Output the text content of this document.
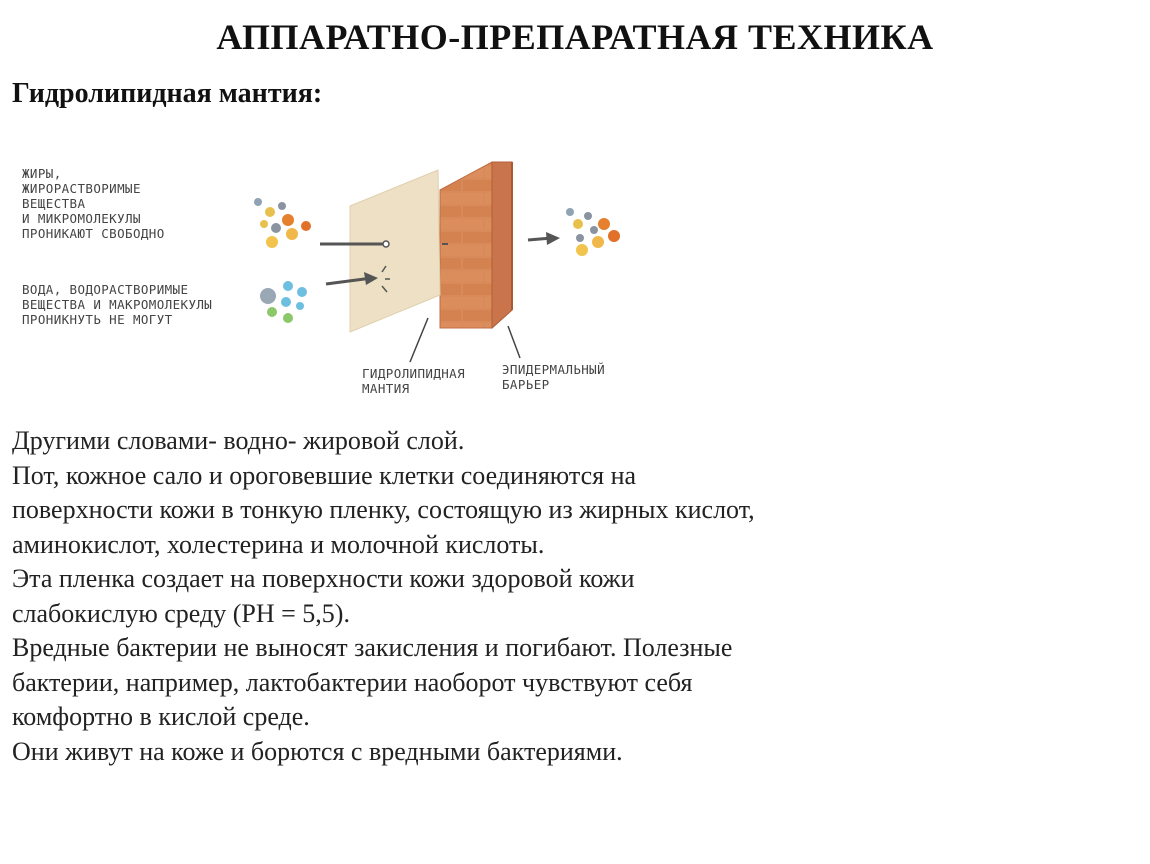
АППАРАТНО-ПРЕПАРАТНАЯ ТЕХНИКА
Гидролипидная мантия:
ЖИРЫ,
ЖИРОРАСТВОРИМЫЕ
ВЕЩЕСТВА
И МИКРОМОЛЕКУЛЫ
ПРОНИКАЮТ СВОБОДНО
ВОДА, ВОДОРАСТВОРИМЫЕ
ВЕЩЕСТВА И МАКРОМОЛЕКУЛЫ
ПРОНИКНУТЬ НЕ МОГУТ
ГИДРОЛИПИДНАЯ
МАНТИЯ
ЭПИДЕРМАЛЬНЫЙ
БАРЬЕР
Другими словами- водно- жировой слой.
Пот, кожное сало и ороговевшие клетки соединяются на
поверхности кожи в тонкую пленку, состоящую из жирных кислот,
аминокислот, холестерина и молочной кислоты.
Эта пленка создает на поверхности кожи здоровой кожи
слабокислую среду (РН = 5,5).
Вредные бактерии не выносят закисления и погибают. Полезные
бактерии, например, лактобактерии наоборот чувствуют себя
комфортно в кислой среде.
Они живут на коже и борются с вредными бактериями.
